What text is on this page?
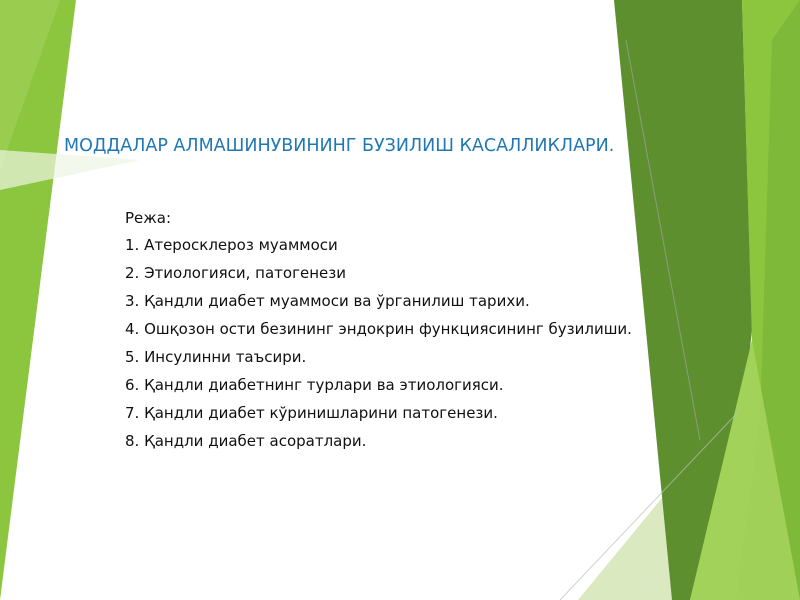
МОДДАЛАР АЛМАШИНУВИНИНГ БУЗИЛИШ КАСАЛЛИКЛАРИ.
Режа:
1. Атеросклероз муаммоси
2. Этиологияси, патогенези
3. Қандли диабет муаммоси ва ўрганилиш тарихи.
4. Ошқозон ости безининг эндокрин функциясининг бузилиши.
5. Инсулинни таъсири.
6. Қандли диабетнинг турлари ва этиологияси.
7. Қандли диабет кўринишларини патогенези.
8. Қандли диабет асоратлари.
